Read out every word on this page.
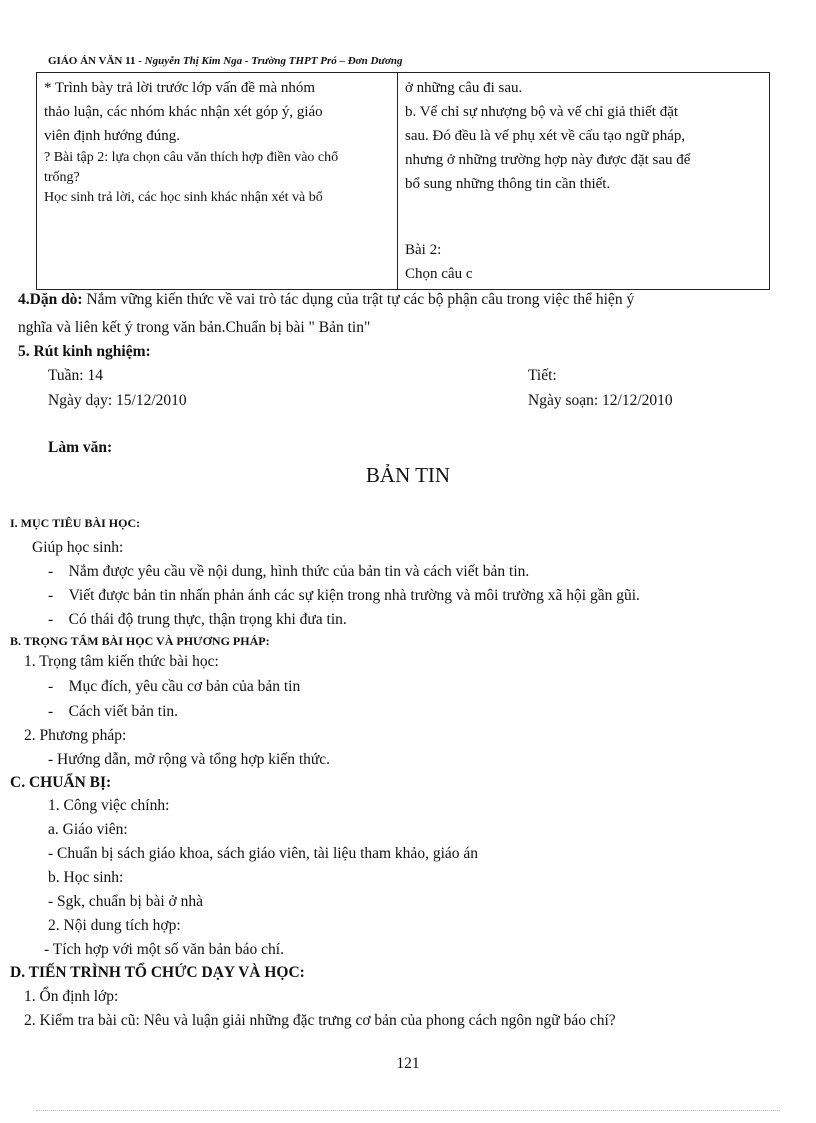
GIÁO ÁN VĂN 11 - Nguyễn Thị Kim Nga - Trường THPT Pró – Đơn Dương
* Trình bày trả lời trước lớp vấn đề mà nhóm
thảo luận, các nhóm khác nhận xét góp ý, giáo
viên định hướng đúng.
? Bài tập 2: lựa chọn câu văn thích hợp điền vào chổ
trống?
Học sinh trả lời, các học sinh khác nhận xét và bổ

ở những câu đi sau.
b. Vế chỉ sự nhượng bộ và vế chỉ giả thiết đặt
sau. Đó đều là vế phụ xét về cấu tạo ngữ pháp,
nhưng ở những trường hợp này được đặt sau để
bổ sung những thông tin cần thiết.
Bài 2:
Chọn câu c
4.Dặn dò: Nắm vững kiến thức về vai trò tác dụng của trật tự các bộ phận câu trong việc thể hiện ý
nghĩa và liên kết ý trong văn bản.Chuẩn bị bài " Bản tin"
5. Rút kinh nghiệm:
Tuần: 14	Tiết:
Ngày dạy: 15/12/2010	Ngày soạn: 12/12/2010
Làm văn:
BẢN TIN
I. MỤC TIÊU BÀI HỌC:
Giúp học sinh:
-    Nắm được yêu cầu về nội dung, hình thức của bản tin và cách viết bản tin.
-    Viết được bản tin nhấn phản ánh các sự kiện trong nhà trường và môi trường xã hội gần gũi.
-    Có thái độ trung thực, thận trọng khi đưa tin.
B. TRỌNG TÂM BÀI HỌC VÀ PHƯƠNG PHÁP:
1. Trọng tâm kiến thức bài học:
-    Mục đích, yêu cầu cơ bản của bản tin
-    Cách viết bản tin.
2. Phương pháp:
- Hướng dẫn, mở rộng và tổng hợp kiến thức.
C. CHUẨN BỊ:
1. Công việc chính:
a. Giáo viên:
- Chuẩn bị sách giáo khoa, sách giáo viên, tài liệu tham khảo, giáo án
b. Học sinh:
- Sgk, chuẩn bị bài ở nhà
2. Nội dung tích hợp:
- Tích hợp với một số văn bản báo chí.
D. TIẾN TRÌNH TỔ CHỨC DẠY VÀ HỌC:
1. Ổn định lớp:
2. Kiểm tra bài cũ: Nêu và luận giải những đặc trưng cơ bản của phong cách ngôn ngữ báo chí?
121
